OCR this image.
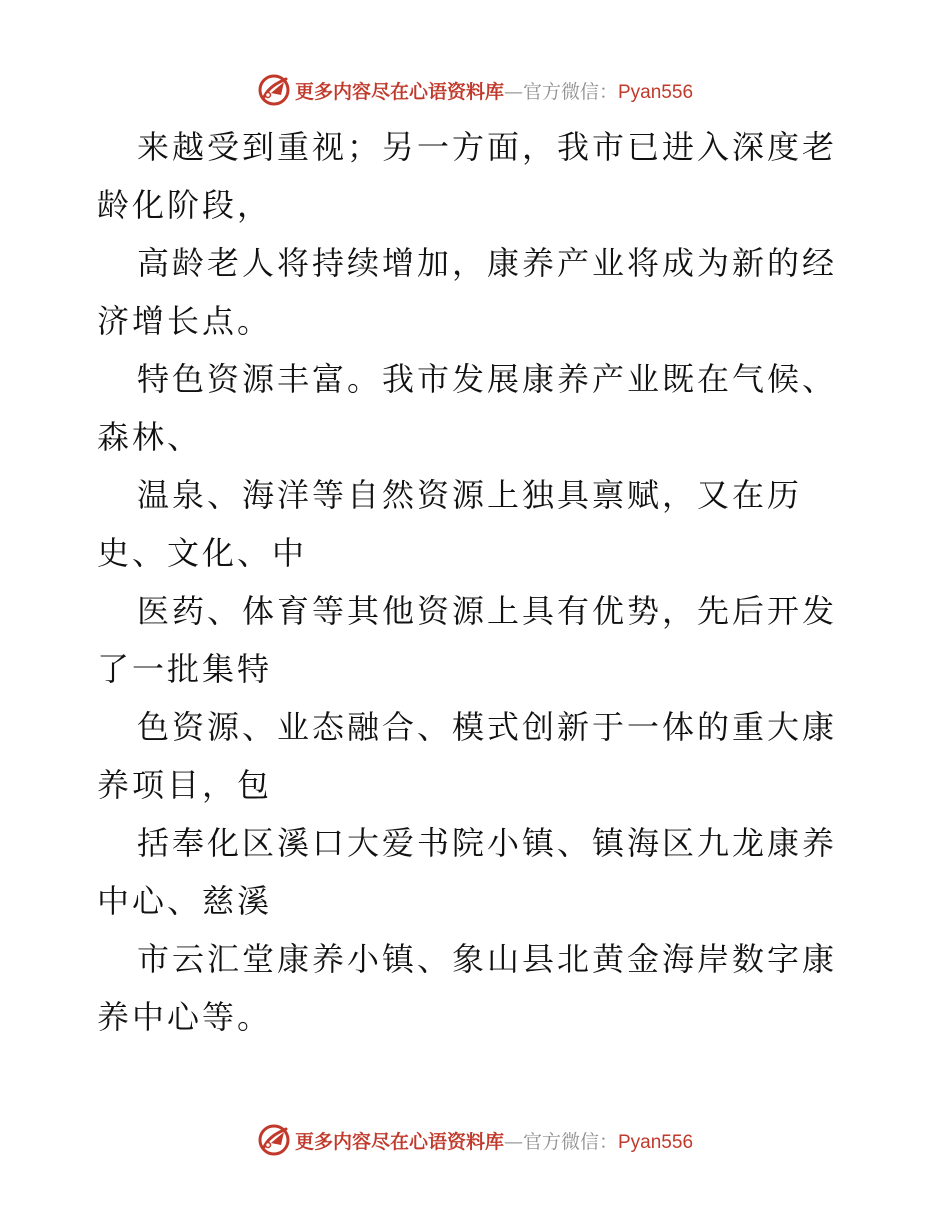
更多内容尽在心语资料库—官方微信：Pyan556

来越受到重视；另一方面，我市已进入深度老龄化阶段，

高龄老人将持续增加，康养产业将成为新的经济增长点。

特色资源丰富。我市发展康养产业既在气候、森林、

温泉、海洋等自然资源上独具禀赋，又在历史、文化、中

医药、体育等其他资源上具有优势，先后开发了一批集特

色资源、业态融合、模式创新于一体的重大康养项目，包

括奉化区溪口大爱书院小镇、镇海区九龙康养中心、慈溪

市云汇堂康养小镇、象山县北黄金海岸数字康养中心等。

更多内容尽在心语资料库—官方微信：Pyan556
